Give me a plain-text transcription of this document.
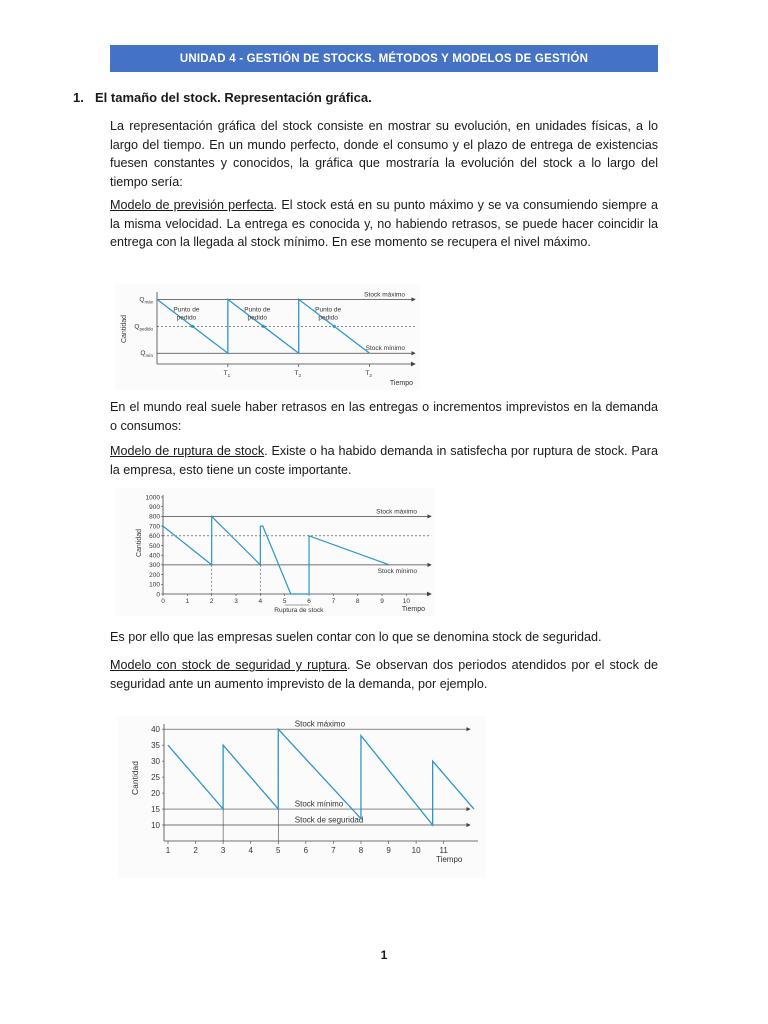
UNIDAD 4 - GESTIÓN DE STOCKS. MÉTODOS Y MODELOS DE GESTIÓN
1. El tamaño del stock. Representación gráfica.
La representación gráfica del stock consiste en mostrar su evolución, en unidades físicas, a lo largo del tiempo. En un mundo perfecto, donde el consumo y el plazo de entrega de existencias fuesen constantes y conocidos, la gráfica que mostraría la evolución del stock a lo largo del tiempo sería:
Modelo de previsión perfecta. El stock está en su punto máximo y se va consumiendo siempre a la misma velocidad. La entrega es conocida y, no habiendo retrasos, se puede hacer coincidir la entrega con la llegada al stock mínimo. En ese momento se recupera el nivel máximo.
Cantidad
Tiempo
Stock máximo
Stock mínimo
$Q_{máx}$
$Q_{pedido}$
$Q_{mín}$
$T_1$	$T_2$	$T_3$
Punto de
pedido
Punto de
pedido
Punto de
pedido
En el mundo real suele haber retrasos en las entregas o incrementos imprevistos en la demanda o consumos:
Modelo de ruptura de stock. Existe o ha habido demanda in satisfecha por ruptura de stock. Para la empresa, esto tiene un coste importante.
0
100
200
300
400
500
600
700
800
900
1000
0	1	2	3	4	5	6	7	8	9	10
Cantidad
Tiempo
Stock máximo
Stock mínimo
Ruptura de stock
Es por ello que las empresas suelen contar con lo que se denomina stock de seguridad.
Modelo con stock de seguridad y ruptura. Se observan dos periodos atendidos por el stock de seguridad ante un aumento imprevisto de la demanda, por ejemplo.
10
15
20
25
30
35
40
1	2	3	4	5	6	7	8	9	10 11
Cantidad
Tiempo
Stock máximo
Stock mínimo
Stock de seguridad
1
